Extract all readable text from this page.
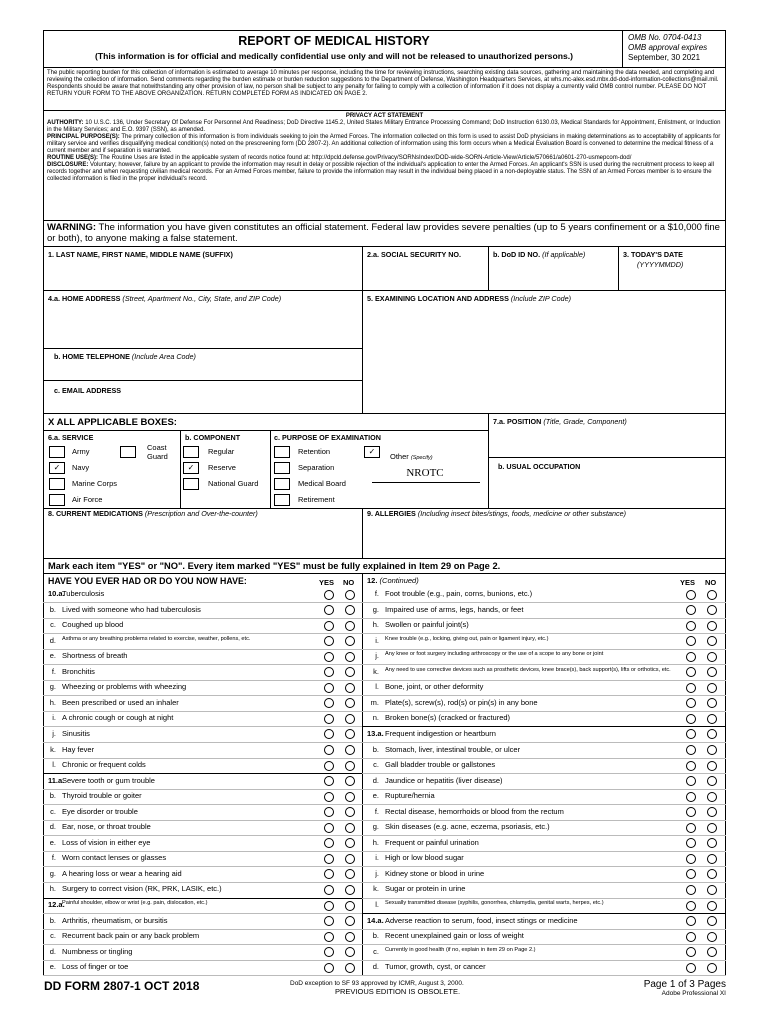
REPORT OF MEDICAL HISTORY
(This information is for official and medically confidential use only and will not be released to unauthorized persons.)
OMB No. 0704-0413
OMB approval expires
September, 30 2021
The public reporting burden for this collection of information is estimated to average 10 minutes per response, including the time for reviewing instructions, searching existing data sources, gathering and maintaining the data needed, and completing and reviewing the collection of information. Send comments regarding the burden estimate or burden reduction suggestions to the Department of Defense, Washington Headquarters Services, at whs.mc-alex.esd.mbx.dd-dod-information-collections@mail.mil. Respondents should be aware that notwithstanding any other provision of law, no person shall be subject to any penalty for failing to comply with a collection of information if it does not display a currently valid OMB control number. PLEASE DO NOT RETURN YOUR FORM TO THE ABOVE ORGANIZATION. RETURN COMPLETED FORM AS INDICATED ON PAGE 2.
PRIVACY ACT STATEMENT
AUTHORITY: 10 U.S.C. 136, Under Secretary Of Defense For Personnel And Readiness; DoD Directive 1145.2, United States Military Entrance Processing Command; DoD Instruction 6130.03, Medical Standards for Appointment, Enlistment, or Induction in the Military Services; and E.O. 9397 (SSN), as amended.
PRINCIPAL PURPOSE(S): The primary collection of this information is from individuals seeking to join the Armed Forces. The information collected on this form is used to assist DoD physicians in making determinations as to acceptability of applicants for military service and verifies disqualifying medical condition(s) noted on the prescreening form (DD 2807-2). An additional collection of information using this form occurs when a Medical Evaluation Board is convened to determine the medical fitness of a current member and if separation is warranted.
ROUTINE USE(S): The Routine Uses are listed in the applicable system of records notice found at: http://dpcld.defense.gov/Privacy/SORNsIndex/DOD-wide-SORN-Article-View/Article/570661/a0601-270-usmepcom-dod/
DISCLOSURE: Voluntary; however, failure by an applicant to provide the information may result in delay or possible rejection of the individual's application to enter the Armed Forces. An applicant's SSN is used during the recruitment process to keep all records together and when requesting civilian medical records. For an Armed Forces member, failure to provide the information may result in the individual being placed in a non-deployable status. The SSN of an Armed Forces member is to ensure the collected information is filed in the proper individual's record.
WARNING: The information you have given constitutes an official statement. Federal law provides severe penalties (up to 5 years confinement or a $10,000 fine or both), to anyone making a false statement.
1. LAST NAME, FIRST NAME, MIDDLE NAME (SUFFIX)	2.a. SOCIAL SECURITY NO.	b. DoD ID NO. (If applicable)	3. TODAY'S DATE
(YYYYMMDD)
4.a. HOME ADDRESS (Street, Apartment No., City, State, and ZIP Code)	5. EXAMINING LOCATION AND ADDRESS (Include ZIP Code)
b. HOME TELEPHONE (Include Area Code)
c. EMAIL ADDRESS
X ALL APPLICABLE BOXES:	7.a. POSITION (Title, Grade, Component)
b. USUAL OCCUPATION
6.a. SERVICE	b. COMPONENT	c. PURPOSE OF EXAMINATION
Army	Coast Guard
✓	Navy
Marine Corps
Air Force
Regular
✓	Reserve
National Guard
Retention
Separation
Medical Board
Retirement
✓
Other (Specify)
NROTC
8. CURRENT MEDICATIONS (Prescription and Over-the-counter)	9. ALLERGIES (Including insect bites/stings, foods, medicine or other substance)
Mark each item "YES" or "NO". Every item marked "YES" must be fully explained in Item 29 on Page 2.
HAVE YOU EVER HAD OR DO YOU NOW HAVE:	YES NO 12. (Continued)	YES NO
10.a.Tuberculosis
b. Lived with someone who had tuberculosis
c. Coughed up blood
d. Asthma or any breathing problems related to exercise, weather, pollens, etc.
e. Shortness of breath
f. Bronchitis
g. Wheezing or problems with wheezing
h. Been prescribed or used an inhaler
i. A chronic cough or cough at night
j. Sinusitis
k. Hay fever
l. Chronic or frequent colds
11.a.Severe tooth or gum trouble
b. Thyroid trouble or goiter
c. Eye disorder or trouble
d. Ear, nose, or throat trouble
e. Loss of vision in either eye
f. Worn contact lenses or glasses
g. A hearing loss or wear a hearing aid
h. Surgery to correct vision (RK, PRK, LASIK, etc.)
12.a.Painful shoulder, elbow or wrist (e.g. pain, dislocation, etc.)
b. Arthritis, rheumatism, or bursitis
c. Recurrent back pain or any back problem
d. Numbness or tingling
e. Loss of finger or toe
f. Foot trouble (e.g., pain, corns, bunions, etc.)
g. Impaired use of arms, legs, hands, or feet
h. Swollen or painful joint(s)
i. Knee trouble (e.g., locking, giving out, pain or ligament injury, etc.)
j. Any knee or foot surgery including arthroscopy or the use of a scope to any bone or joint
k. Any need to use corrective devices such as prosthetic devices, knee brace(s), back support(s), lifts or orthotics, etc.
l. Bone, joint, or other deformity
m. Plate(s), screw(s), rod(s) or pin(s) in any bone
n. Broken bone(s) (cracked or fractured)
13.a.Frequent indigestion or heartburn
b. Stomach, liver, intestinal trouble, or ulcer
c. Gall bladder trouble or gallstones
d. Jaundice or hepatitis (liver disease)
e. Rupture/hernia
f. Rectal disease, hemorrhoids or blood from the rectum
g. Skin diseases (e.g. acne, eczema, psoriasis, etc.)
h. Frequent or painful urination
i. High or low blood sugar
j. Kidney stone or blood in urine
k. Sugar or protein in urine
l. Sexually transmitted disease (syphilis, gonorrhea, chlamydia, genital warts, herpes, etc.)
14.a.Adverse reaction to serum, food, insect stings or medicine
b. Recent unexplained gain or loss of weight
c. Currently in good health (if no, explain in item 29 on Page 2.)
d. Tumor, growth, cyst, or cancer
DD FORM 2807-1 OCT 2018	DoD exception to SF 93 approved by ICMR, August 3, 2000.
PREVIOUS EDITION IS OBSOLETE.
Page 1 of 3 Pages
Adobe Professional XI
